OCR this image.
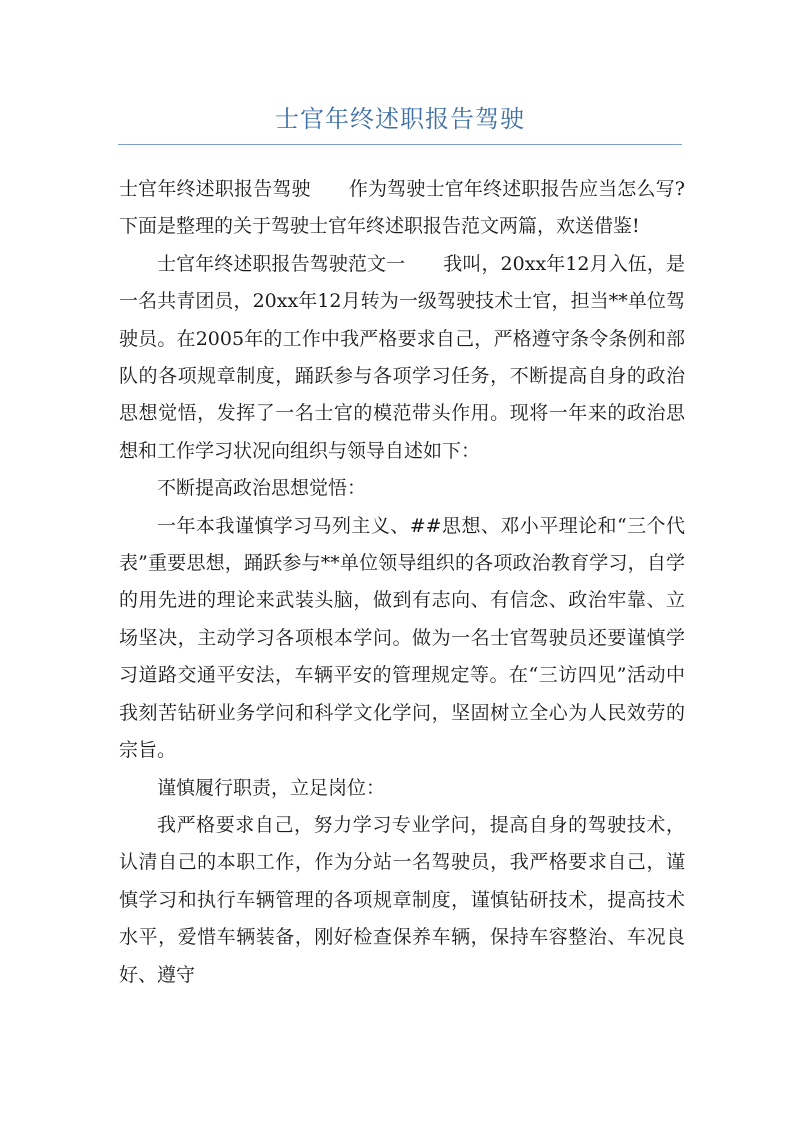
士官年终述职报告驾驶

士官年终述职报告驾驶 作为驾驶士官年终述职报告应当怎么写?下面是整理的关于驾驶士官年终述职报告范文两篇，欢送借鉴!

士官年终述职报告驾驶范文一 我叫，20xx年12月入伍，是一名共青团员，20xx年12月转为一级驾驶技术士官，担当**单位驾驶员。在2005年的工作中我严格要求自己，严格遵守条令条例和部队的各项规章制度，踊跃参与各项学习任务，不断提高自身的政治思想觉悟，发挥了一名士官的模范带头作用。现将一年来的政治思想和工作学习状况向组织与领导自述如下：

不断提高政治思想觉悟：

一年本我谨慎学习马列主义、##思想、邓小平理论和“三个代表”重要思想，踊跃参与**单位领导组织的各项政治教育学习，自学的用先进的理论来武装头脑，做到有志向、有信念、政治牢靠、立场坚决，主动学习各项根本学问。做为一名士官驾驶员还要谨慎学习道路交通平安法，车辆平安的管理规定等。在“三访四见”活动中我刻苦钻研业务学问和科学文化学问，坚固树立全心为人民效劳的宗旨。

谨慎履行职责，立足岗位：

我严格要求自己，努力学习专业学问，提高自身的驾驶技术，认清自己的本职工作，作为分站一名驾驶员，我严格要求自己，谨慎学习和执行车辆管理的各项规章制度，谨慎钻研技术，提高技术水平，爱惜车辆装备，刚好检查保养车辆，保持车容整治、车况良好、遵守
